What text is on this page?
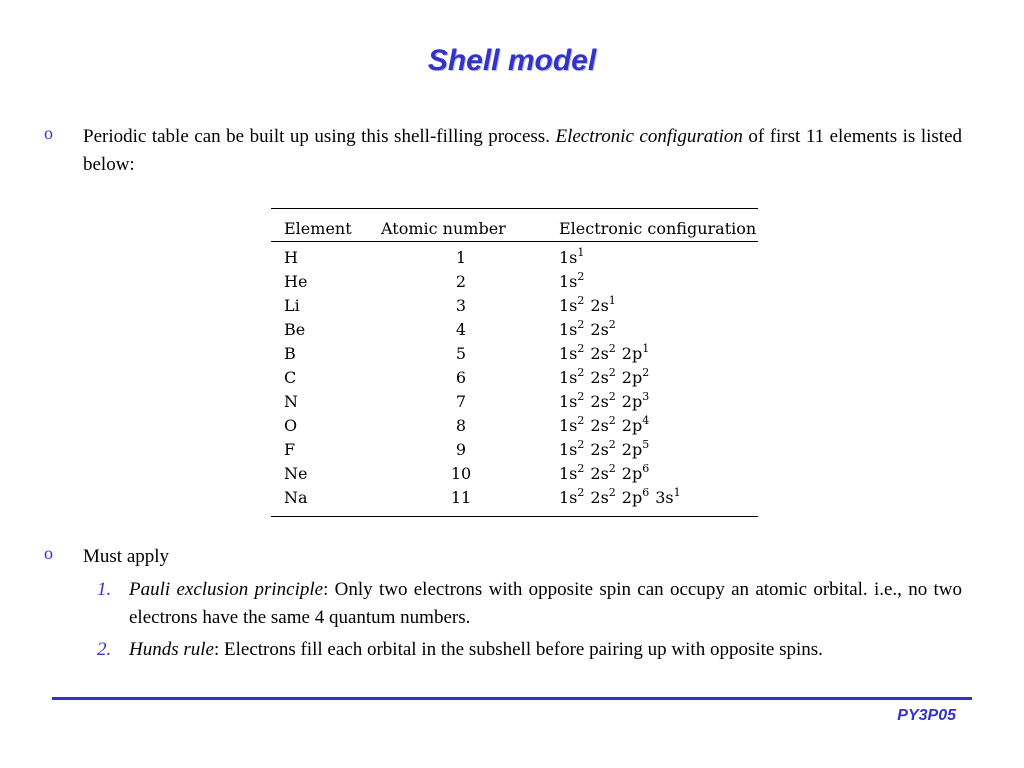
Shell model
o Periodic table can be built up using this shell-filling process. Electronic configuration of first 11 elements is listed below:
Element	Atomic number	Electronic configuration
H	1	$1s^1$
He	2	$1s^2$
Li	3	$1s^2$ $2s^1$
Be	4	$1s^2$ $2s^2$
B	5	$1s^2$ $2s^2$ $2p^1$
C	6	$1s^2$ $2s^2$ $2p^2$
N	7	$1s^2$ $2s^2$ $2p^3$
O	8	$1s^2$ $2s^2$ $2p^4$
F	9	$1s^2$ $2s^2$ $2p^5$
Ne	10	$1s^2$ $2s^2$ $2p^6$
Na	11	$1s^2$ $2s^2$ $2p^6$ $3s^1$
o Must apply
1. Pauli exclusion principle: Only two electrons with opposite spin can occupy an atomic orbital. i.e., no two electrons have the same 4 quantum numbers.
2. Hunds rule: Electrons fill each orbital in the subshell before pairing up with opposite spins.
PY3P05
